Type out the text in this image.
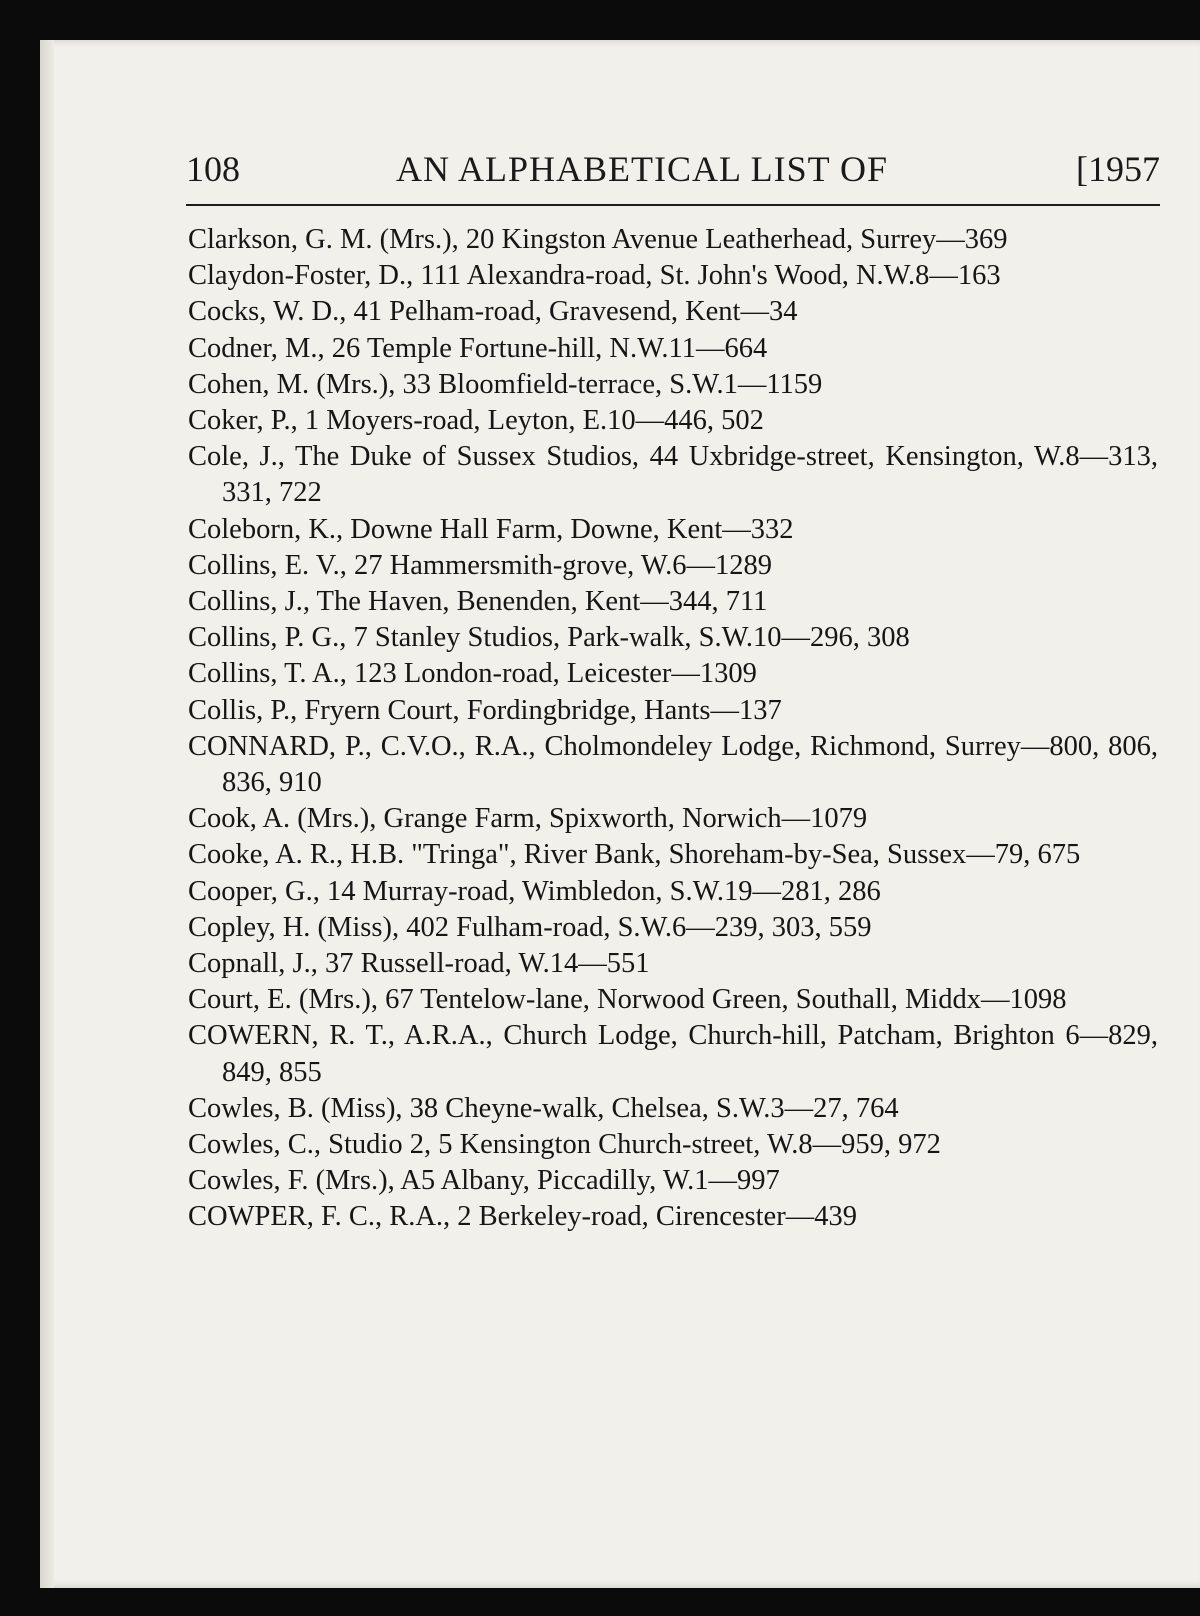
108	AN ALPHABETICAL LIST OF	[1957
Clarkson, G. M. (Mrs.), 20 Kingston Avenue Leatherhead, Surrey—369
Claydon-Foster, D., 111 Alexandra-road, St. John's Wood, N.W.8—163
Cocks, W. D., 41 Pelham-road, Gravesend, Kent—34
Codner, M., 26 Temple Fortune-hill, N.W.11—664
Cohen, M. (Mrs.), 33 Bloomfield-terrace, S.W.1—1159
Coker, P., 1 Moyers-road, Leyton, E.10—446, 502
Cole, J., The Duke of Sussex Studios, 44 Uxbridge-street, Kensington, W.8—313, 331, 722
Coleborn, K., Downe Hall Farm, Downe, Kent—332
Collins, E. V., 27 Hammersmith-grove, W.6—1289
Collins, J., The Haven, Benenden, Kent—344, 711
Collins, P. G., 7 Stanley Studios, Park-walk, S.W.10—296, 308
Collins, T. A., 123 London-road, Leicester—1309
Collis, P., Fryern Court, Fordingbridge, Hants—137
CONNARD, P., C.V.O., R.A., Cholmondeley Lodge, Richmond, Surrey—800, 806, 836, 910
Cook, A. (Mrs.), Grange Farm, Spixworth, Norwich—1079
Cooke, A. R., H.B. "Tringa", River Bank, Shoreham-by-Sea, Sussex—79, 675
Cooper, G., 14 Murray-road, Wimbledon, S.W.19—281, 286
Copley, H. (Miss), 402 Fulham-road, S.W.6—239, 303, 559
Copnall, J., 37 Russell-road, W.14—551
Court, E. (Mrs.), 67 Tentelow-lane, Norwood Green, Southall, Middx—1098
COWERN, R. T., A.R.A., Church Lodge, Church-hill, Patcham, Brighton 6—829, 849, 855
Cowles, B. (Miss), 38 Cheyne-walk, Chelsea, S.W.3—27, 764
Cowles, C., Studio 2, 5 Kensington Church-street, W.8—959, 972
Cowles, F. (Mrs.), A5 Albany, Piccadilly, W.1—997
COWPER, F. C., R.A., 2 Berkeley-road, Cirencester—439
